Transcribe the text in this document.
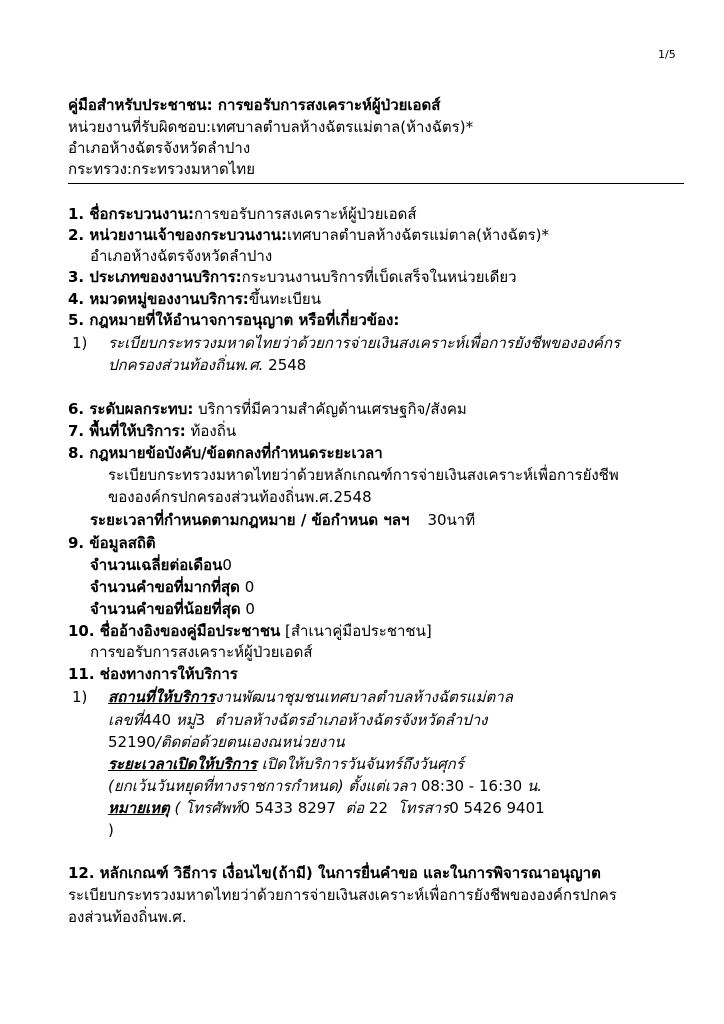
1/5
คู่มือสำหรับประชาชน: การขอรับการสงเคราะห์ผู้ป่วยเอดส์
หน่วยงานที่รับผิดชอบ:เทศบาลตำบลห้างฉัตรแม่ตาล(ห้างฉัตร)*
อำเภอห้างฉัตรจังหวัดลำปาง
กระทรวง:กระทรวงมหาดไทย
1. ชื่อกระบวนงาน:การขอรับการสงเคราะห์ผู้ป่วยเอดส์
2. หน่วยงานเจ้าของกระบวนงาน:เทศบาลตำบลห้างฉัตรแม่ตาล(ห้างฉัตร)*
อำเภอห้างฉัตรจังหวัดลำปาง
3. ประเภทของงานบริการ:กระบวนงานบริการที่เบ็ดเสร็จในหน่วยเดียว
4. หมวดหมู่ของงานบริการ:ขึ้นทะเบียน
5. กฎหมายที่ให้อำนาจการอนุญาต หรือที่เกี่ยวข้อง:
1) ระเบียบกระทรวงมหาดไทยว่าด้วยการจ่ายเงินสงเคราะห์เพื่อการยังชีพขององค์กร
ปกครองส่วนท้องถิ่นพ.ศ. 2548
6. ระดับผลกระทบ: บริการที่มีความสำคัญด้านเศรษฐกิจ/สังคม
7. พื้นที่ให้บริการ: ท้องถิ่น
8. กฎหมายข้อบังคับ/ข้อตกลงที่กำหนดระยะเวลา
ระเบียบกระทรวงมหาดไทยว่าด้วยหลักเกณฑ์การจ่ายเงินสงเคราะห์เพื่อการยังชีพ
ขององค์กรปกครองส่วนท้องถิ่นพ.ศ.2548
ระยะเวลาที่กำหนดตามกฎหมาย / ข้อกำหนด ฯลฯ 30นาที
9. ข้อมูลสถิติ
จำนวนเฉลี่ยต่อเดือน0
จำนวนคำขอที่มากที่สุด 0
จำนวนคำขอที่น้อยที่สุด 0
10. ชื่ออ้างอิงของคู่มือประชาชน [สำเนาคู่มือประชาชน]
การขอรับการสงเคราะห์ผู้ป่วยเอดส์
11. ช่องทางการให้บริการ
1) สถานที่ให้บริการงานพัฒนาชุมชนเทศบาลตำบลห้างฉัตรแม่ตาล
เลขที่440 หมู่3 ตำบลห้างฉัตรอำเภอห้างฉัตรจังหวัดลำปาง
52190/ติดต่อด้วยตนเองณหน่วยงาน
ระยะเวลาเปิดให้บริการ เปิดให้บริการวันจันทร์ถึงวันศุกร์
(ยกเว้นวันหยุดที่ทางราชการกำหนด) ตั้งแต่เวลา 08:30 - 16:30 น.
หมายเหตุ ( โทรศัพท์0 5433 8297 ต่อ 22 โทรสาร0 5426 9401
)
12. หลักเกณฑ์ วิธีการ เงื่อนไข(ถ้ามี) ในการยื่นคำขอ และในการพิจารณาอนุญาต
ระเบียบกระทรวงมหาดไทยว่าด้วยการจ่ายเงินสงเคราะห์เพื่อการยังชีพขององค์กรปกคร
องส่วนท้องถิ่นพ.ศ.
